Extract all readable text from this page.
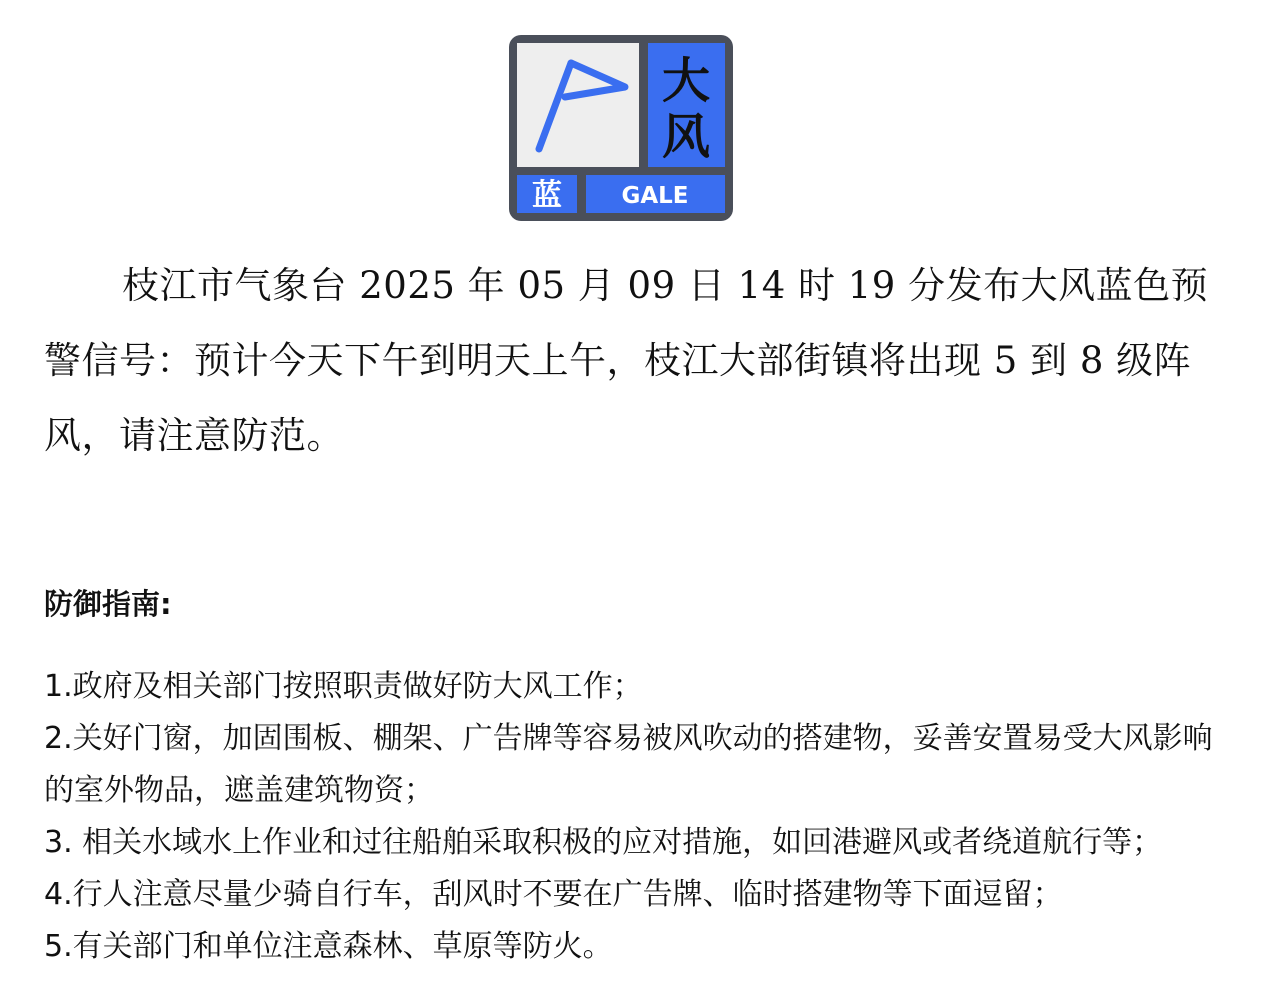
大
风
蓝	GALE

枝江市气象台 2025 年 05 月 09 日 14 时 19 分发布大风蓝色预警信号：预计今天下午到明天上午，枝江大部街镇将出现 5 到 8 级阵风，请注意防范。

防御指南:
1.政府及相关部门按照职责做好防大风工作；
2.关好门窗，加固围板、棚架、广告牌等容易被风吹动的搭建物，妥善安置易受大风影响的室外物品，遮盖建筑物资；
3. 相关水域水上作业和过往船舶采取积极的应对措施，如回港避风或者绕道航行等；
4.行人注意尽量少骑自行车，刮风时不要在广告牌、临时搭建物等下面逗留；
5.有关部门和单位注意森林、草原等防火。
